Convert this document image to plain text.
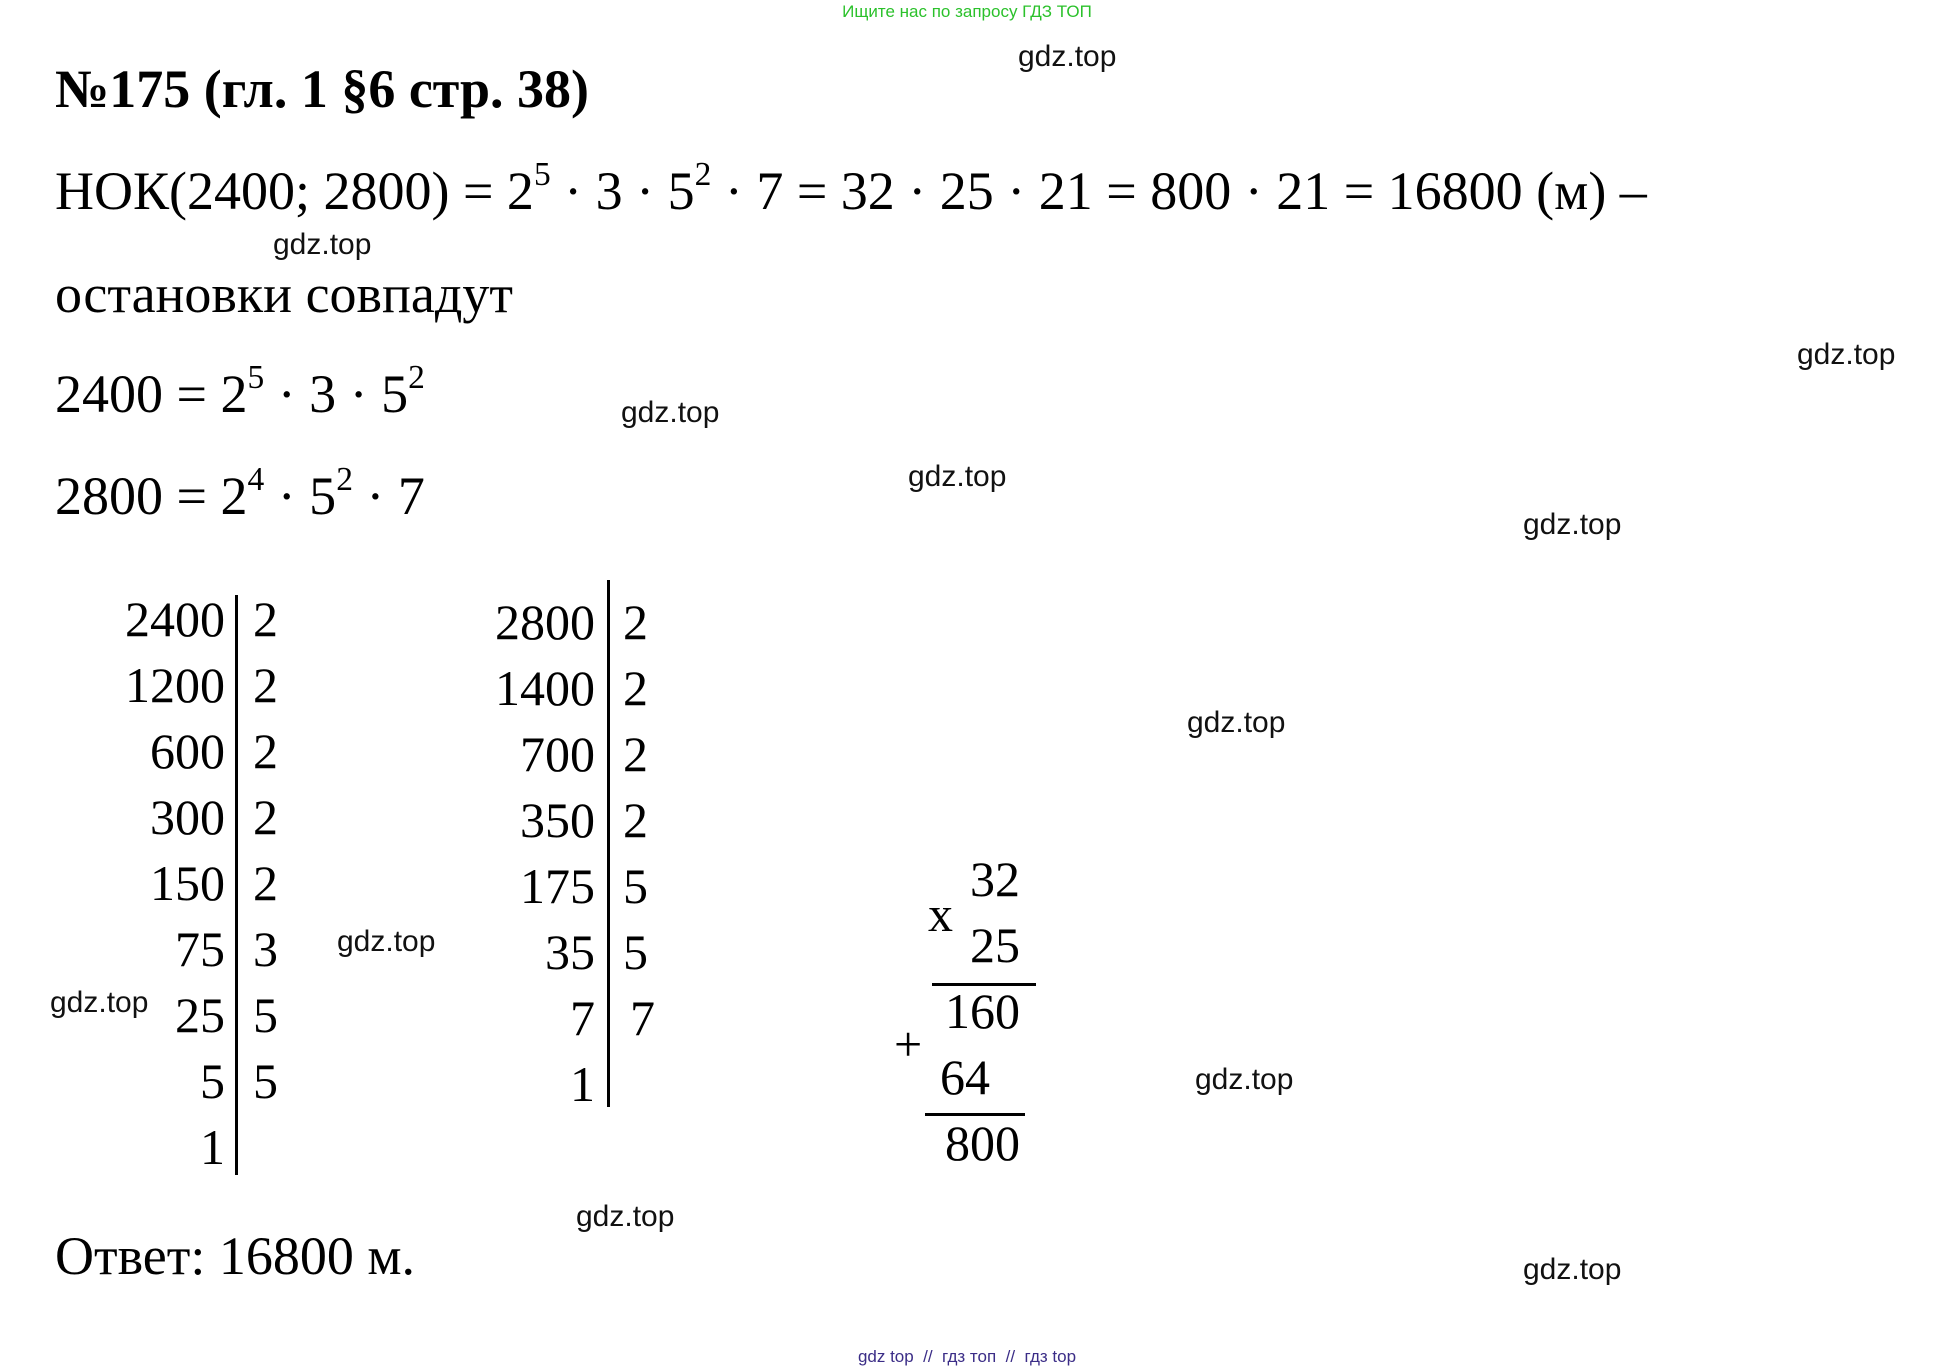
Ищите нас по запросу ГДЗ ТОП
№175 (гл. 1 §6 стр. 38)
НОК(2400; $2800) = 2^5 \cdot 3 \cdot 5^2 \cdot 7 = 32 \cdot 25 \cdot 21 = 800 \cdot 21 = 16800$ (м) –
остановки совпадут
$2400 = 2^5 \cdot 3 \cdot 5^2$
$2800 = 2^4 \cdot 5^2 \cdot 7$
2400
1200
600
300
150
75
25
5
1
2
2
2
2
2
3
5
5
2800
1400
700
350
175
35
7
1
2
2
2
2
5
5
7
32
x
25
160
+
64
800
Ответ: 16800 м.
gdz.top
gdz.top
gdz.top
gdz.top
gdz.top
gdz.top
gdz.top
gdz.top
gdz.top
gdz.top
gdz.top
gdz.top
gdz top  //  гдз топ  //  гдз top
